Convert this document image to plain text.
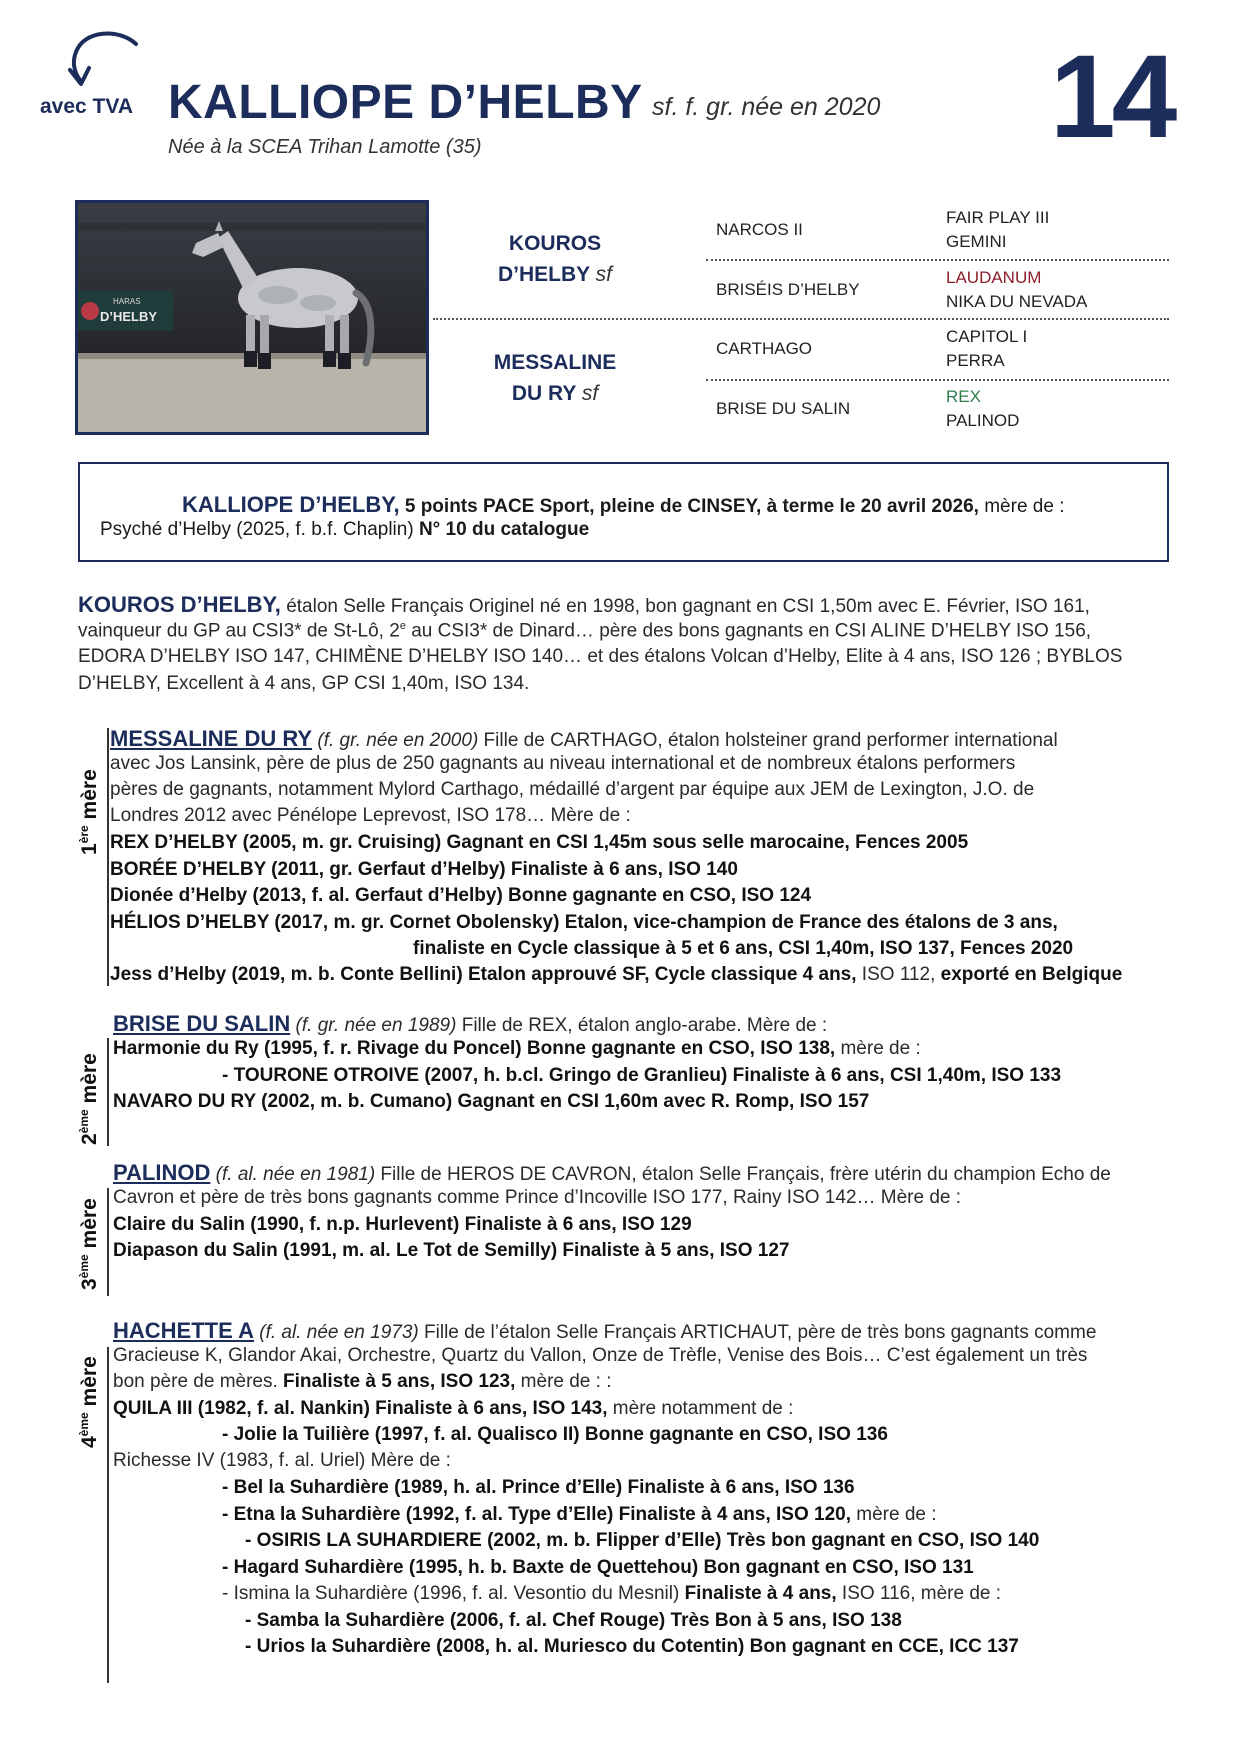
avec TVA KALLIOPE D’HELBY sf. f. gr. née en 2020
Née à la SCEA Trihan Lamotte (35)	14
HARAS
D’HELBY
KOUROS
D’HELBY sf
MESSALINE
DU RY sf
NARCOS II
BRISÉIS D’HELBY
CARTHAGO
BRISE DU SALIN
FAIR PLAY III
GEMINI
LAUDANUM
NIKA DU NEVADA
CAPITOL I
PERRA
REX
PALINOD
KALLIOPE D’HELBY, 5 points PACE Sport, pleine de CINSEY, à terme le 20 avril 2026, mère de :
Psyché d’Helby (2025, f. b.f. Chaplin) N° 10 du catalogue
KOUROS D’HELBY, étalon Selle Français Originel né en 1998, bon gagnant en CSI 1,50m avec E. Février, ISO 161,
vainqueur du GP au CSI3* de St-Lô, 2e au CSI3* de Dinard… père des bons gagnants en CSI ALINE D’HELBY ISO 156,
EDORA D’HELBY ISO 147, CHIMÈNE D’HELBY ISO 140… et des étalons Volcan d’Helby, Elite à 4 ans, ISO 126 ; BYBLOS
D’HELBY, Excellent à 4 ans, GP CSI 1,40m, ISO 134.
1ère mère
MESSALINE DU RY (f. gr. née en 2000) Fille de CARTHAGO, étalon holsteiner grand performer international
avec Jos Lansink, père de plus de 250 gagnants au niveau international et de nombreux étalons performers
pères de gagnants, notamment Mylord Carthago, médaillé d’argent par équipe aux JEM de Lexington, J.O. de
Londres 2012 avec Pénélope Leprevost, ISO 178… Mère de :
REX D’HELBY (2005, m. gr. Cruising) Gagnant en CSI 1,45m sous selle marocaine, Fences 2005
BORÉE D’HELBY (2011, gr. Gerfaut d’Helby) Finaliste à 6 ans, ISO 140
Dionée d’Helby (2013, f. al. Gerfaut d’Helby) Bonne gagnante en CSO, ISO 124
HÉLIOS D’HELBY (2017, m. gr. Cornet Obolensky) Etalon, vice-champion de France des étalons de 3 ans,
finaliste en Cycle classique à 5 et 6 ans, CSI 1,40m, ISO 137, Fences 2020
Jess d’Helby (2019, m. b. Conte Bellini) Etalon approuvé SF, Cycle classique 4 ans, ISO 112, exporté en Belgique
2ème mère
BRISE DU SALIN (f. gr. née en 1989) Fille de REX, étalon anglo-arabe. Mère de :
Harmonie du Ry (1995, f. r. Rivage du Poncel) Bonne gagnante en CSO, ISO 138, mère de :
- TOURONE OTROIVE (2007, h. b.cl. Gringo de Granlieu) Finaliste à 6 ans, CSI 1,40m, ISO 133
NAVARO DU RY (2002, m. b. Cumano) Gagnant en CSI 1,60m avec R. Romp, ISO 157
3ème mère
PALINOD (f. al. née en 1981) Fille de HEROS DE CAVRON, étalon Selle Français, frère utérin du champion Echo de
Cavron et père de très bons gagnants comme Prince d’Incoville ISO 177, Rainy ISO 142… Mère de :
Claire du Salin (1990, f. n.p. Hurlevent) Finaliste à 6 ans, ISO 129
Diapason du Salin (1991, m. al. Le Tot de Semilly) Finaliste à 5 ans, ISO 127
4ème mère
HACHETTE A (f. al. née en 1973) Fille de l’étalon Selle Français ARTICHAUT, père de très bons gagnants comme
Gracieuse K, Glandor Akai, Orchestre, Quartz du Vallon, Onze de Trèfle, Venise des Bois… C’est également un très
bon père de mères. Finaliste à 5 ans, ISO 123, mère de : :
QUILA III (1982, f. al. Nankin) Finaliste à 6 ans, ISO 143, mère notamment de :
- Jolie la Tuilière (1997, f. al. Qualisco II) Bonne gagnante en CSO, ISO 136
Richesse IV (1983, f. al. Uriel) Mère de :
- Bel la Suhardière (1989, h. al. Prince d’Elle) Finaliste à 6 ans, ISO 136
- Etna la Suhardière (1992, f. al. Type d’Elle) Finaliste à 4 ans, ISO 120, mère de :
- OSIRIS LA SUHARDIERE (2002, m. b. Flipper d’Elle) Très bon gagnant en CSO, ISO 140
- Hagard Suhardière (1995, h. b. Baxte de Quettehou) Bon gagnant en CSO, ISO 131
- Ismina la Suhardière (1996, f. al. Vesontio du Mesnil) Finaliste à 4 ans, ISO 116, mère de :
- Samba la Suhardière (2006, f. al. Chef Rouge) Très Bon à 5 ans, ISO 138
- Urios la Suhardière (2008, h. al. Muriesco du Cotentin) Bon gagnant en CCE, ICC 137
